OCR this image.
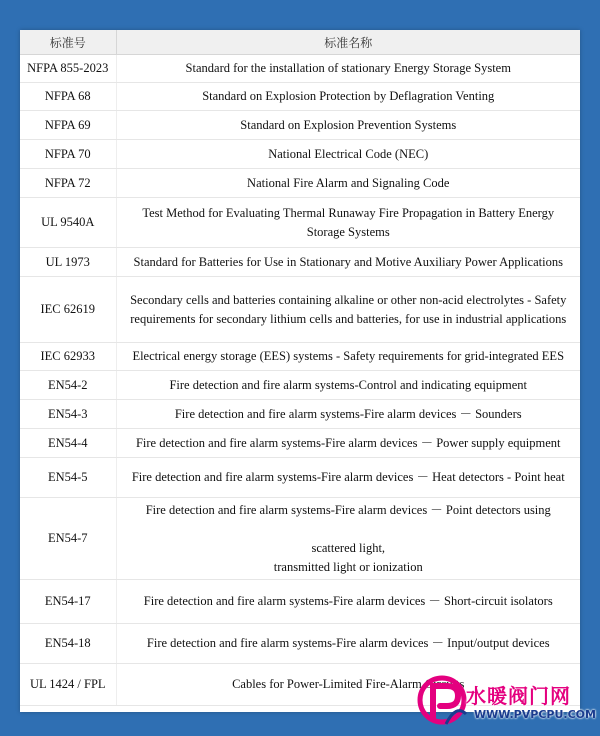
标准号	标准名称
NFPA 855-2023	Standard for the installation of stationary Energy Storage System
NFPA 68	Standard on Explosion Protection by Deflagration Venting
NFPA 69	Standard on Explosion Prevention Systems
NFPA 70	National Electrical Code (NEC)
NFPA 72	National Fire Alarm and Signaling Code
UL 9540A	Test Method for Evaluating Thermal Runaway Fire Propagation in Battery Energy Storage Systems
UL 1973	Standard for Batteries for Use in Stationary and Motive Auxiliary Power Applications
IEC 62619	Secondary cells and batteries containing alkaline or other non-acid electrolytes - Safety requirements for secondary lithium cells and batteries, for use in industrial applications
IEC 62933	Electrical energy storage (EES) systems - Safety requirements for grid-integrated EES
EN54-2	Fire detection and fire alarm systems-Control and indicating equipment
EN54-3	Fire detection and fire alarm systems-Fire alarm devices － Sounders
EN54-4	Fire detection and fire alarm systems-Fire alarm devices － Power supply equipment
EN54-5	Fire detection and fire alarm systems-Fire alarm devices － Heat detectors - Point heat
EN54-7	Fire detection and fire alarm systems-Fire alarm devices － Point detectors using

scattered light,
transmitted light or ionization
EN54-17	Fire detection and fire alarm systems-Fire alarm devices － Short-circuit isolators
EN54-18	Fire detection and fire alarm systems-Fire alarm devices － Input/output devices
UL 1424 / FPL	Cables for Power-Limited Fire-Alarm Circuits 水暖阀门网
WWW.PVPCPU.COM
